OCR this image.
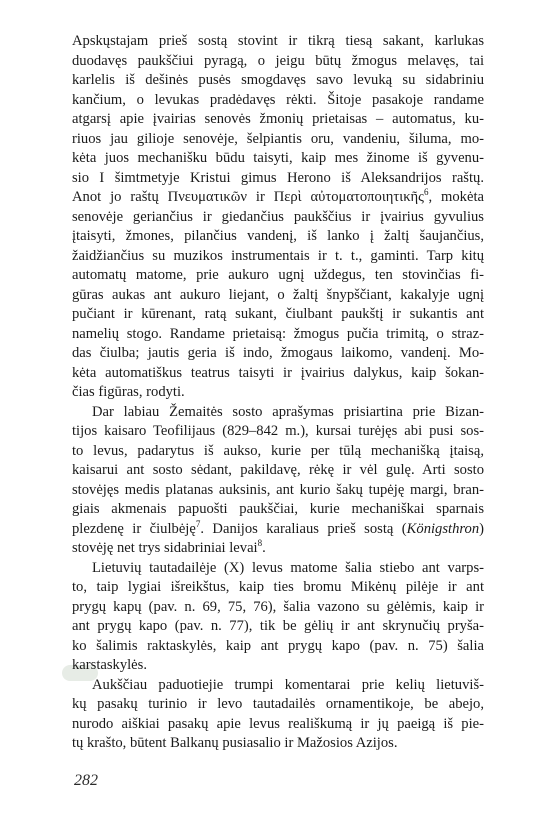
Apskųstajam prieš sostą stovint ir tikrą tiesą sakant, karlukas
duodavęs paukščiui pyragą, o jeigu būtų žmogus melavęs, tai
karlelis iš dešinės pusės smogdavęs savo levuką su sidabriniu
kančium, o levukas pradėdavęs rėkti. Šitoje pasakoje randame
atgarsį apie įvairias senovės žmonių prietaisas – automatus, ku-
riuos jau gilioje senovėje, šelpiantis oru, vandeniu, šiluma, mo-
kėta juos mechanišku būdu taisyti, kaip mes žinome iš gyvenu-
sio I šimtmetyje Kristui gimus Herono iš Aleksandrijos raštų.
Anot jo raštų Πνευματικῶν ir Περὶ αὐτοματοποιητικῆς$^6$, mokėta
senovėje geriančius ir giedančius paukščius ir įvairius gyvulius
įtaisyti, žmones, pilančius vandenį, iš lanko į žaltį šaujančius,
žaidžiančius su muzikos instrumentais ir t. t., gaminti. Tarp kitų
automatų matome, prie aukuro ugnį uždegus, ten stovinčias fi-
gūras aukas ant aukuro liejant, o žaltį šnypščiant, kakalyje ugnį
pučiant ir kūrenant, ratą sukant, čiulbant paukštį ir sukantis ant
namelių stogo. Randame prietaisą: žmogus pučia trimitą, o straz-
das čiulba; jautis geria iš indo, žmogaus laikomo, vandenį. Mo-
kėta automatiškus teatrus taisyti ir įvairius dalykus, kaip šokan-
čias figūras, rodyti.
Dar labiau Žemaitės sosto aprašymas prisiartina prie Bizan-
tijos kaisaro Teofilijaus (829–842 m.), kursai turėjęs abi pusi sos-
to levus, padarytus iš aukso, kurie per tūlą mechanišką įtaisą,
kaisarui ant sosto sėdant, pakildavę, rėkę ir vėl gulę. Arti sosto
stovėjęs medis platanas auksinis, ant kurio šakų tupėję margi, bran-
giais akmenais papuošti paukščiai, kurie mechaniškai sparnais
plezdenę ir čiulbėję$^7$. Danijos karaliaus prieš sostą (Königsthron)
stovėję net trys sidabriniai levai$^8$.
Lietuvių tautadailėje (X) levus matome šalia stiebo ant varps-
to, taip lygiai išreikštus, kaip ties bromu Mikėnų pilėje ir ant
prygų kapų (pav. n. 69, 75, 76), šalia vazono su gėlėmis, kaip ir
ant prygų kapo (pav. n. 77), tik be gėlių ir ant skrynučių pryša-
ko šalimis raktaskylės, kaip ant prygų kapo (pav. n. 75) šalia
karstaskylės.
Aukščiau paduotiejie trumpi komentarai prie kelių lietuviš-
kų pasakų turinio ir levo tautadailės ornamentikoje, be abejo,
nurodo aiškiai pasakų apie levus reališkumą ir jų paeigą iš pie-
tų krašto, būtent Balkanų pusiasalio ir Mažosios Azijos.
282
